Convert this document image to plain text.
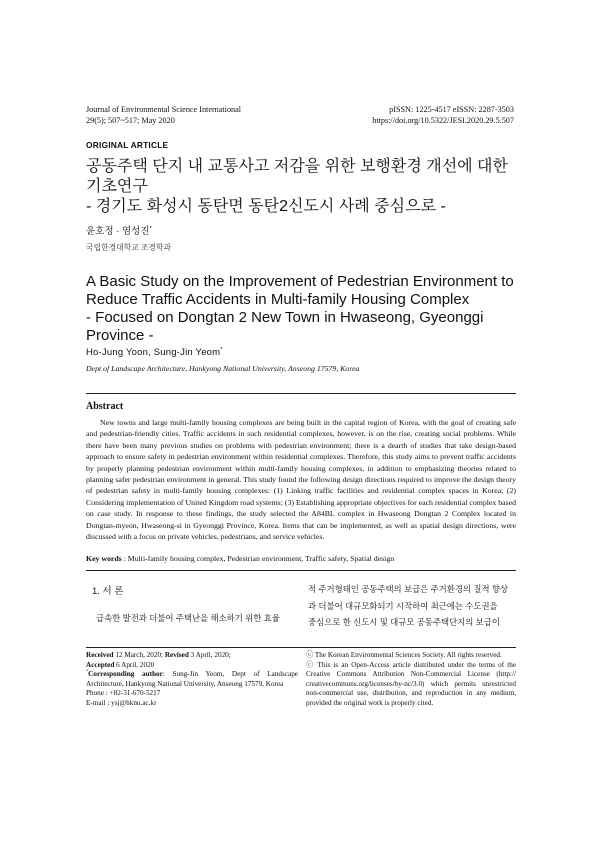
Journal of Environmental Science International
29(5); 507~517; May 2020
pISSN: 1225-4517 eISSN: 2287-3503
https://doi.org/10.5322/JESI.2020.29.5.507
ORIGINAL ARTICLE
공동주택 단지 내 교통사고 저감을 위한 보행환경 개선에 대한
기초연구
- 경기도 화성시 동탄면 동탄2신도시 사례 중심으로 -
윤호정 · 염성진*
국립한경대학교 조경학과
A Basic Study on the Improvement of Pedestrian Environment to
Reduce Traffic Accidents in Multi-family Housing Complex
- Focused on Dongtan 2 New Town in Hwaseong, Gyeonggi
Province -
Ho-Jung Yoon, Sung-Jin Yeom*
Dept of Landscape Architecture, Hankyong National University, Anseong 17579, Korea
Abstract
New towns and large multi-family housing complexes are being built in the capital region of Korea, with the goal of creating safe and pedestrian-friendly cities. Traffic accidents in such residential complexes, however, is on the rise, creating social problems. While there have been many previous studies on problems with pedestrian environment; there is a dearth of studies that take design-based approach to ensure safety in pedestrian environment within residential complexes. Therefore, this study aims to prevent traffic accidents by properly planning pedestrian environment within multi-family housing complexes, in addition to emphasizing theories related to planning safer pedestrian environment in general. This study found the following design directions required to improve the design theory of pedestrian safety in multi-family housing complexes: (1) Linking traffic facilities and residential complex spaces in Korea; (2) Considering implementation of United Kingdom road systems; (3) Establishing appropriate objectives for each residential complex based on case study. In response to these findings, the study selected the A84BL complex in Hwaseong Dongtan 2 Complex located in Dongtan-myeon, Hwaseong-si in Gyeonggi Province, Korea. Items that can be implemented, as well as spatial design directions, were discussed with a focus on private vehicles, pedestrians, and service vehicles.
Key words : Multi-family housing complex, Pedestrian environment, Traffic safety, Spatial design
1. 서 론
급속한 발전과 더불어 주택난을 해소하기 위한 효율
적 주거형태인 공동주택의 보급은 주거환경의 질적 향상
과 더불어 대규모화되기 시작하여 최근에는 수도권을
중심으로 한 신도시 및 대규모 공동주택단지의 보급이
Received 12 March, 2020; Revised 3 April, 2020;
Accepted 6 April, 2020
*Corresponding author: Sung-Jin Yeom, Dept of Landscape Architecture, Hankyong National University, Anseong 17579, Korea
Phone : +82-31-670-5217
E-mail : ysj@hknu.ac.kr
ⓒ The Korean Environmental Sciences Society. All rights reserved.
ⓒ This is an Open-Access article distributed under the terms of the Creative Commons Attribution Non-Commercial License (http:// creativecommons.org/licenses/by-nc/3.0) which permits unrestricted non-commercial use, distribution, and reproduction in any medium, provided the original work is properly cited.
